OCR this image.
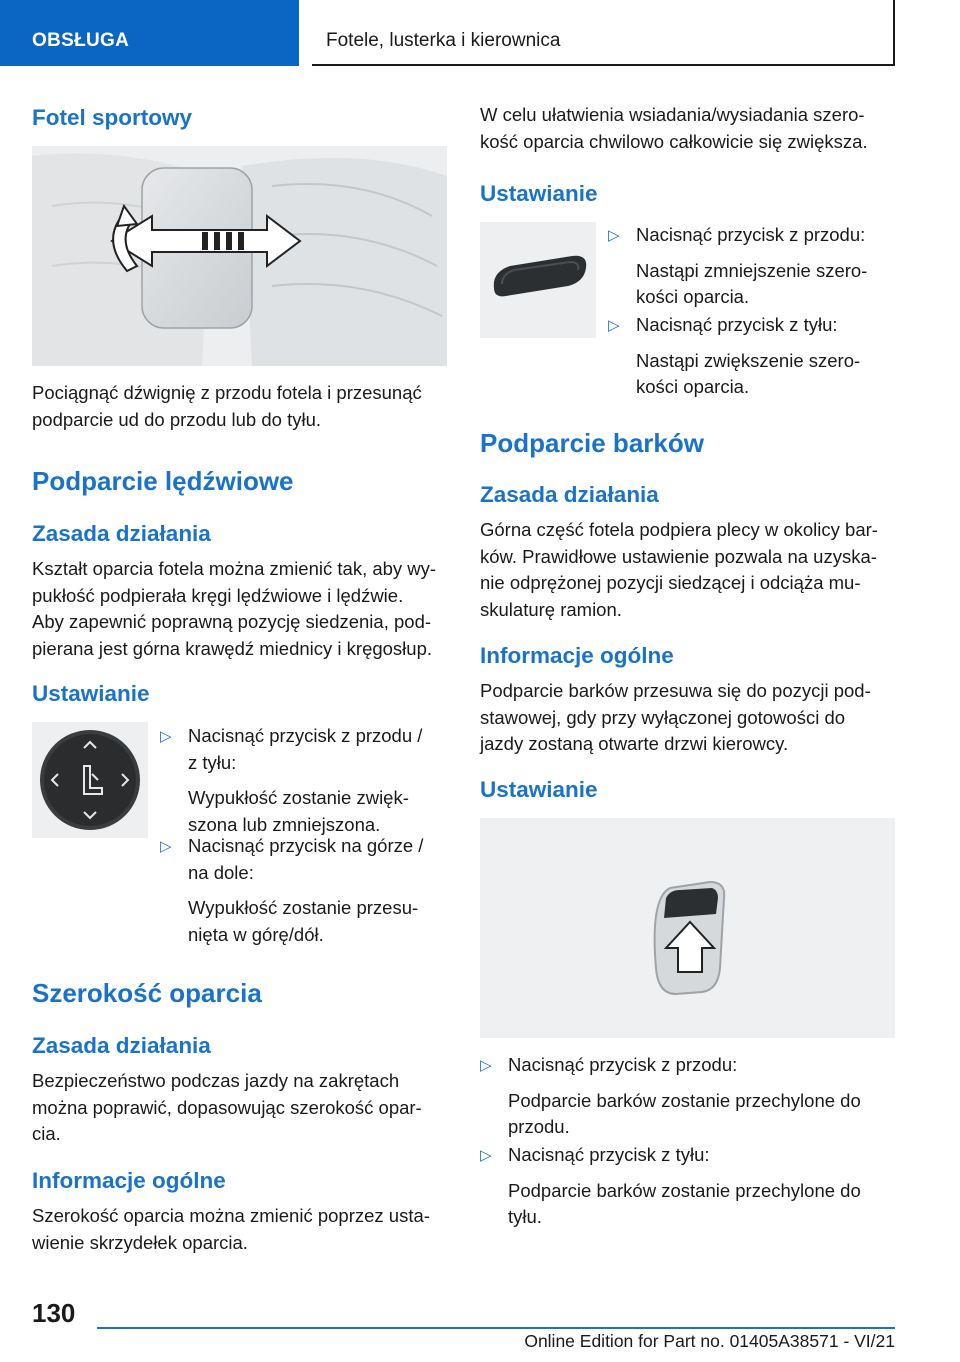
OBSŁUGA	Fotele, lusterka i kierownica
Fotel sportowy
Pociągnąć dźwignię z przodu fotela i przesunąć
podparcie ud do przodu lub do tyłu.
Podparcie lędźwiowe
Zasada działania
Kształt oparcia fotela można zmienić tak, aby wy-
pukłość podpierała kręgi lędźwiowe i lędźwie.
Aby zapewnić poprawną pozycję siedzenia, pod-
pierana jest górna krawędź miednicy i kręgosłup.
Ustawianie
▷ Nacisnąć przycisk z przodu /
z tyłu:
Wypukłość zostanie zwięk-
szona lub zmniejszona.
▷ Nacisnąć przycisk na górze /
na dole:
Wypukłość zostanie przesu-
nięta w górę/dół.
Szerokość oparcia
Zasada działania
Bezpieczeństwo podczas jazdy na zakrętach
można poprawić, dopasowując szerokość opar-
cia.
Informacje ogólne
Szerokość oparcia można zmienić poprzez usta-
wienie skrzydełek oparcia.
W celu ułatwienia wsiadania/wysiadania szero-
kość oparcia chwilowo całkowicie się zwiększa.
Ustawianie
▷ Nacisnąć przycisk z przodu:
Nastąpi zmniejszenie szero-
kości oparcia.
▷ Nacisnąć przycisk z tyłu:
Nastąpi zwiększenie szero-
kości oparcia.
Podparcie barków
Zasada działania
Górna część fotela podpiera plecy w okolicy bar-
ków. Prawidłowe ustawienie pozwala na uzyska-
nie odprężonej pozycji siedzącej i odciąża mu-
skulaturę ramion.
Informacje ogólne
Podparcie barków przesuwa się do pozycji pod-
stawowej, gdy przy wyłączonej gotowości do
jazdy zostaną otwarte drzwi kierowcy.
Ustawianie
▷ Nacisnąć przycisk z przodu:
Podparcie barków zostanie przechylone do
przodu.
▷ Nacisnąć przycisk z tyłu:
Podparcie barków zostanie przechylone do
tyłu.
130
Online Edition for Part no. 01405A38571 - VI/21
